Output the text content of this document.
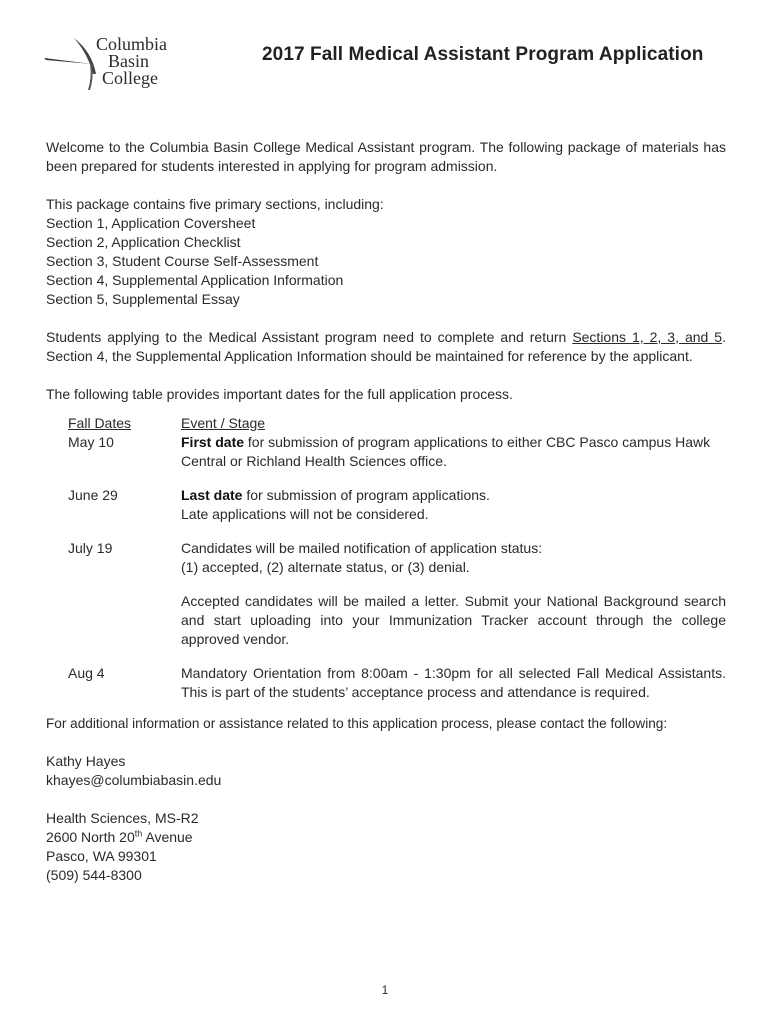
Columbia
Basin
College
2017 Fall Medical Assistant Program Application

Welcome to the Columbia Basin College Medical Assistant program. The following package of materials has been prepared for students interested in applying for program admission.

This package contains five primary sections, including:

Section 1, Application Coversheet

Section 2, Application Checklist

Section 3, Student Course Self-Assessment

Section 4, Supplemental Application Information

Section 5, Supplemental Essay

Students applying to the Medical Assistant program need to complete and return Sections 1, 2, 3, and 5. Section 4, the Supplemental Application Information should be maintained for reference by the applicant.

The following table provides important dates for the full application process.

Fall Dates	Event / Stage
May 10	First date for submission of program applications to either CBC Pasco campus Hawk Central or Richland Health Sciences office.
June 29	Last date for submission of program applications.
Late applications will not be considered.
July 19	Candidates will be mailed notification of application status:
(1) accepted, (2) alternate status, or (3) denial.
Accepted candidates will be mailed a letter. Submit your National Background search and start uploading into your Immunization Tracker account through the college approved vendor.
Aug 4	Mandatory Orientation from 8:00am - 1:30pm for all selected Fall Medical Assistants. This is part of the students’ acceptance process and attendance is required.

For additional information or assistance related to this application process, please contact the following:

Kathy Hayes

khayes@columbiabasin.edu

Health Sciences, MS-R2

2600 North 20th Avenue

Pasco, WA 99301

(509) 544-8300

1
